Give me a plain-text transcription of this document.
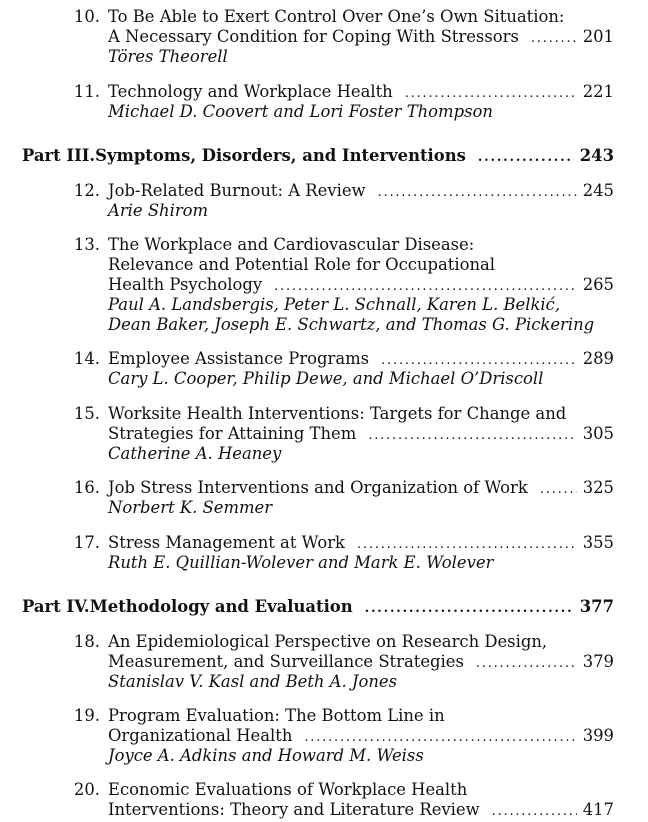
10. To Be Able to Exert Control Over One’s Own Situation:
A Necessary Condition for Coping With Stressors .....	201
Töres Theorell
11. Technology and Workplace Health .....	221
Michael D. Coovert and Lori Foster Thompson
Part III. Symptoms, Disorders, and Interventions .....	243
12. Job-Related Burnout: A Review .....	245
Arie Shirom
13. The Workplace and Cardiovascular Disease:
Relevance and Potential Role for Occupational
Health Psychology .....	265
Paul A. Landsbergis, Peter L. Schnall, Karen L. Belkić,
Dean Baker, Joseph E. Schwartz, and Thomas G. Pickering
14. Employee Assistance Programs .....	289
Cary L. Cooper, Philip Dewe, and Michael O’Driscoll
15. Worksite Health Interventions: Targets for Change and
Strategies for Attaining Them .....	305
Catherine A. Heaney
16. Job Stress Interventions and Organization of Work .....	325
Norbert K. Semmer
17. Stress Management at Work .....	355
Ruth E. Quillian-Wolever and Mark E. Wolever
Part IV. Methodology and Evaluation .....	377
18. An Epidemiological Perspective on Research Design,
Measurement, and Surveillance Strategies .....	379
Stanislav V. Kasl and Beth A. Jones
19. Program Evaluation: The Bottom Line in
Organizational Health .....	399
Joyce A. Adkins and Howard M. Weiss
20. Economic Evaluations of Workplace Health
Interventions: Theory and Literature Review .....	417
